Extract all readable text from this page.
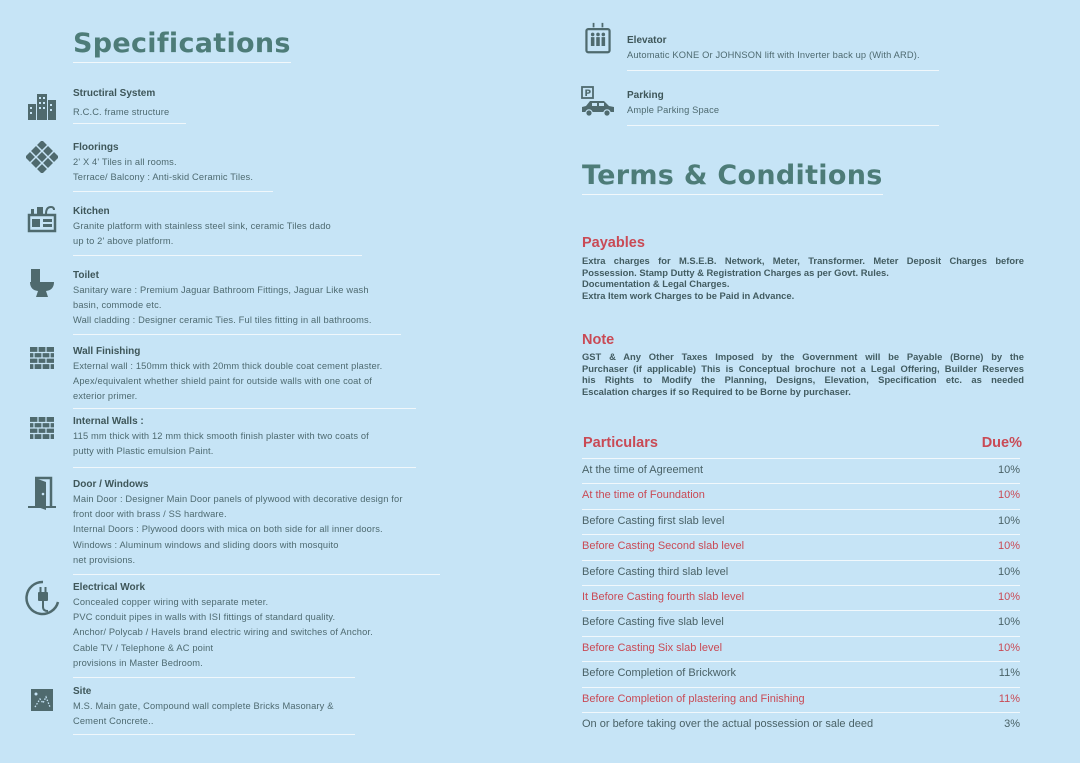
Specifications
Structiral System
R.C.C. frame structure
Floorings
2' X 4' Tiles in all rooms.
Terrace/ Balcony : Anti-skid Ceramic Tiles.
Kitchen
Granite platform with stainless steel sink, ceramic Tiles dado
up to 2' above platform.
Toilet
Sanitary ware : Premium Jaguar Bathroom Fittings, Jaguar Like wash
basin, commode etc.
Wall cladding : Designer ceramic Ties. Ful tiles fitting in all bathrooms.
Wall Finishing
External wall : 150mm thick with 20mm thick double coat cement plaster.
Apex/equivalent whether shield paint for outside walls with one coat of
exterior primer.
Internal Walls :
115 mm thick with 12 mm thick smooth finish plaster with two coats of
putty with Plastic emulsion Paint.
Door / Windows
Main Door : Designer Main Door panels of plywood with decorative design for
front door with brass / SS hardware.
Internal Doors : Plywood doors with mica on both side for all inner doors.
Windows : Aluminum windows and sliding doors with mosquito
net provisions.
Electrical Work
Concealed copper wiring with separate meter.
PVC conduit pipes in walls with ISI fittings of standard quality.
Anchor/ Polycab / Havels brand electric wiring and switches of Anchor.
Cable TV / Telephone & AC point
provisions in Master Bedroom.
Site
M.S. Main gate, Compound wall complete Bricks Masonary &
Cement Concrete..
Elevator
Automatic KONE Or JOHNSON lift with Inverter back up (With ARD).
P	Parking
Ample Parking Space
Terms & Conditions
Payables
Extra charges for M.S.E.B. Network, Meter, Transformer. Meter Deposit Charges before
Possession. Stamp Dutty & Registration Charges as per Govt. Rules.
Documentation & Legal Charges.
Extra Item work Charges to be Paid in Advance.
Note
GST & Any Other Taxes Imposed by the Government will be Payable (Borne) by the
Purchaser (if applicable) This is Conceptual brochure not a Legal Offering, Builder Reserves
his Rights to Modify the Planning, Designs, Elevation, Specification etc. as needed
Escalation charges if so Required to be Borne by purchaser.
Particulars	Due%
At the time of Agreement	10%
At the time of Foundation	10%
Before Casting first slab level	10%
Before Casting Second slab level	10%
Before Casting third slab level	10%
It Before Casting fourth slab level	10%
Before Casting five slab level	10%
Before Casting Six slab level	10%
Before Completion of Brickwork	11%
Before Completion of plastering and Finishing	11%
On or before taking over the actual possession or sale deed	3%
